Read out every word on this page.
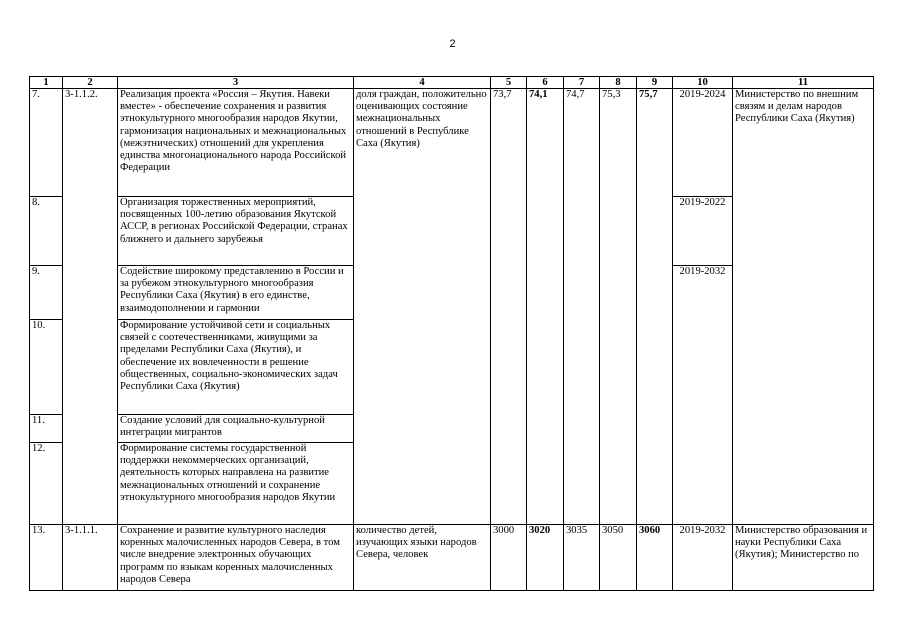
2
1	2	3	4	5	6	7	8	9	10	11
7.	3-1.1.2.	Реализация проекта «Россия – Якутия. Навеки вместе» - обеспечение сохранения и развития этнокультурного многообразия народов Якутии, гармонизация национальных и межнациональных (межэтнических) отношений для укрепления единства многонационального народа Российской Федерации	доля граждан, положительно оценивающих состояние межнациональных отношений в Республике Саха (Якутия)	73,7	74,1	74,7	75,3	75,7	2019-2024	Министерство по внешним связям и делам народов Республики Саха (Якутия)
8.		Организация торжественных мероприятий, посвященных 100-летию образования Якутской АССР, в регионах Российской Федерации, странах ближнего и дальнего зарубежья							2019-2022	
9.		Содействие широкому представлению в России и за рубежом этнокультурного многообразия Республики Саха (Якутия) в его единстве, взаимодополнении и гармонии							2019-2032	
10.		Формирование устойчивой сети и социальных связей с соотечественниками, живущими за пределами Республики Саха (Якутия), и обеспечение их вовлеченности в решение общественных, социально-экономических задач Республики Саха (Якутия)								
11.		Создание условий для социально-культурной интеграции мигрантов								
12.		Формирование системы государственной поддержки некоммерческих организаций, деятельность которых направлена на развитие межнациональных отношений и сохранение этнокультурного многообразия народов Якутии								
13.	3-1.1.1.	Сохранение и развитие культурного наследия коренных малочисленных народов Севера, в том числе внедрение электронных обучающих программ по языкам коренных малочисленных народов Севера	количество детей, изучающих языки народов Севера, человек	3000	3020	3035	3050	3060	2019-2032	Министерство образования и науки Республики Саха (Якутия); Министерство по
